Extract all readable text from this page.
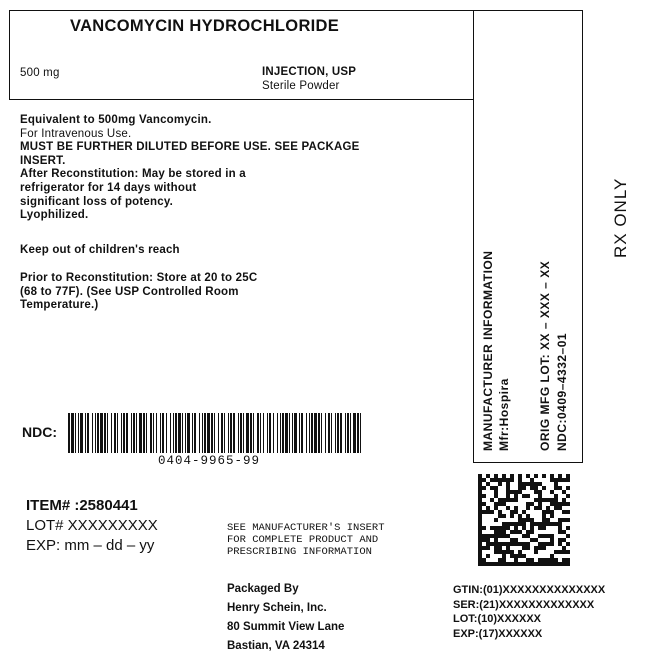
VANCOMYCIN HYDROCHLORIDE
500 mg	INJECTION, USP
Sterile Powder
MANUFACTURER INFORMATION Mfr:Hospira ORIG MFG LOT: XX – XXX – XX NDC:0409–4332–01
RX ONLY
Equivalent to 500mg Vancomycin.
For Intravenous Use.
MUST BE FURTHER DILUTED BEFORE USE. SEE PACKAGE
INSERT.
After Reconstitution: May be stored in a
refrigerator for 14 days without
significant loss of potency.
Lyophilized.
Keep out of children's reach
Prior to Reconstitution: Store at 20 to 25C
(68 to 77F). (See USP Controlled Room
Temperature.)
NDC:
0404-9965-99
ITEM# :2580441
LOT# XXXXXXXXX
EXP: mm – dd – yy
SEE MANUFACTURER'S INSERT
FOR COMPLETE PRODUCT AND
PRESCRIBING INFORMATION
Packaged By
Henry Schein, Inc.
80 Summit View Lane
Bastian, VA 24314
GTIN:(01)XXXXXXXXXXXXXX
SER:(21)XXXXXXXXXXXXX
LOT:(10)XXXXXX
EXP:(17)XXXXXX
